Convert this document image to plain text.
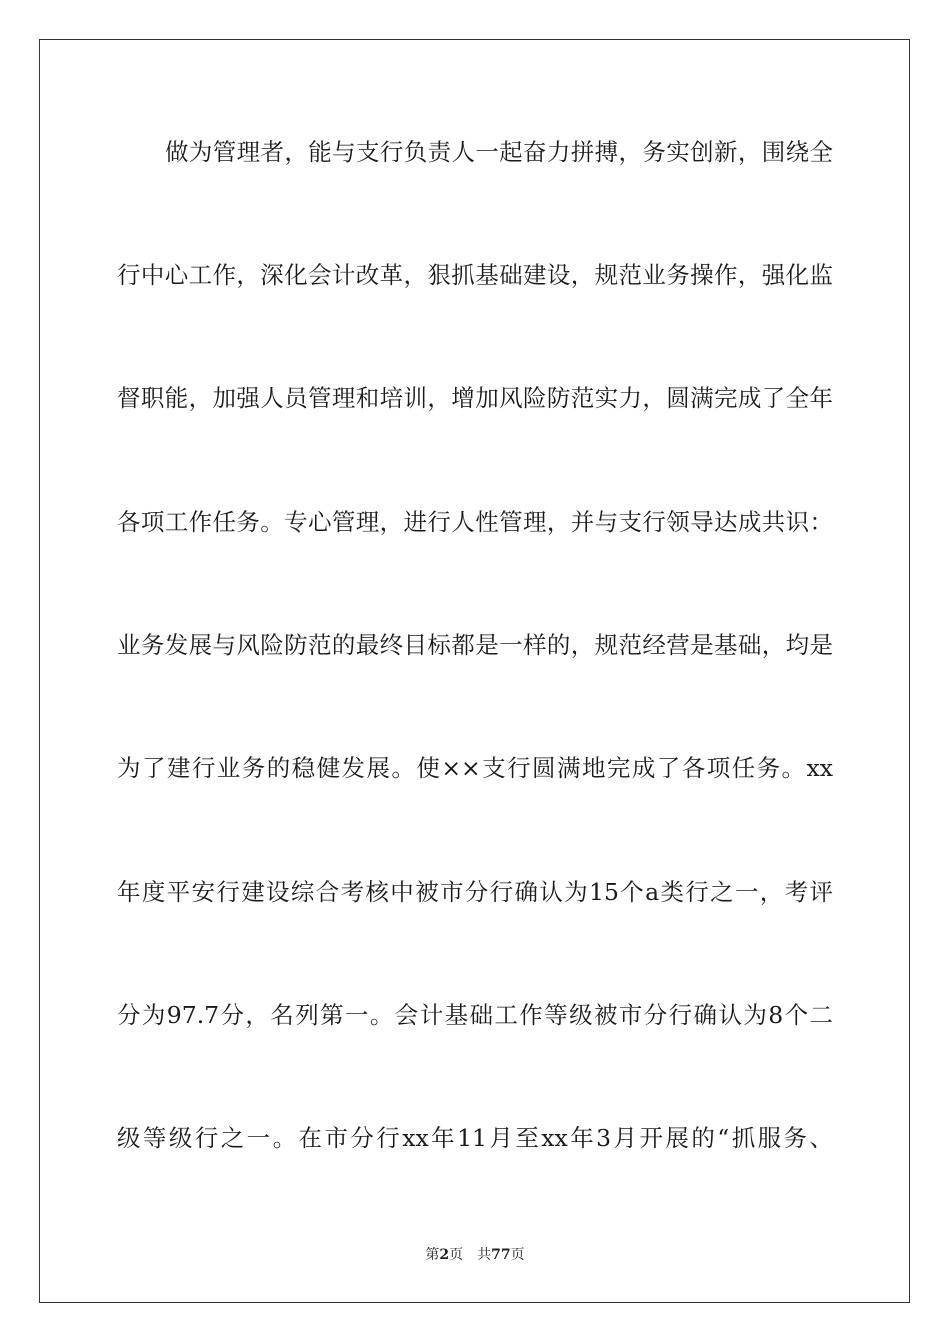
做为管理者，能与支行负责人一起奋力拼搏，务实创新，围绕全
行中心工作，深化会计改革，狠抓基础建设，规范业务操作，强化监
督职能，加强人员管理和培训，增加风险防范实力，圆满完成了全年
各项工作任务。专心管理，进行人性管理，并与支行领导达成共识：
业务发展与风险防范的最终目标都是一样的，规范经营是基础，均是
为了建行业务的稳健发展。使××支行圆满地完成了各项任务。xx
年度平安行建设综合考核中被市分行确认为15个a类行之一，考评
分为97.7分，名列第一。会计基础工作等级被市分行确认为8个二
级等级行之一。在市分行xx年11月至xx年3月开展的“抓服务、
第2页 共77页
